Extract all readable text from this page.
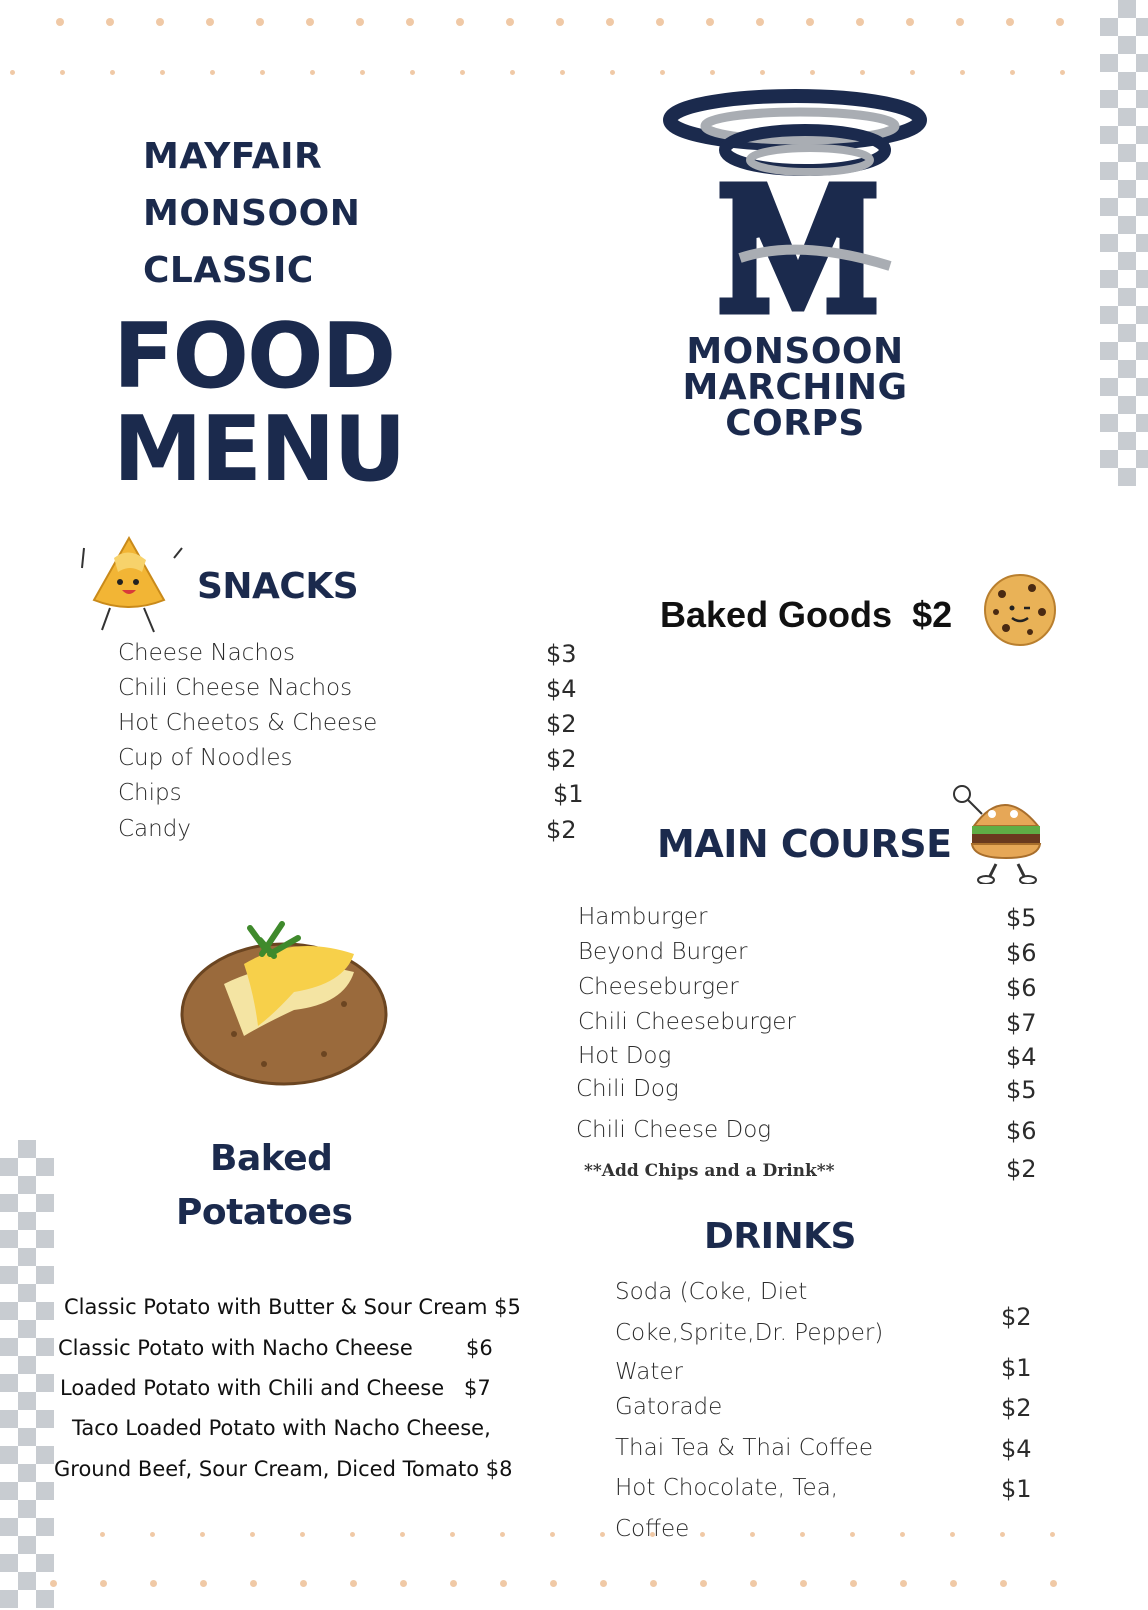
MAYFAIR
MONSOON
CLASSIC
FOOD
MENU
MONSOON
MARCHING
CORPS
SNACKS
Cheese Nachos	$3
Chili Cheese Nachos	$4
Hot Cheetos & Cheese	$2
Cup of Noodles	$2
Chips	$1
Candy	$2
Baked Goods $2
MAIN COURSE
Hamburger	$5
Beyond Burger	$6
Cheeseburger	$6
Chili Cheeseburger	$7
Hot Dog	$4
Chili Dog	$5
Chili Cheese Dog	$6
**Add Chips and a Drink**	$2
DRINKS
Soda (Coke, Diet
Coke,Sprite,Dr. Pepper)
$2
Water	$1
Gatorade	$2
Thai Tea & Thai Coffee	$4
Hot Chocolate, Tea,
Coffee
$1
Baked
Potatoes
Classic Potato with Butter & Sour Cream $5
Classic Potato with Nacho Cheese	$6
Loaded Potato with Chili and Cheese $7
Taco Loaded Potato with Nacho Cheese,
Ground Beef, Sour Cream, Diced Tomato $8
